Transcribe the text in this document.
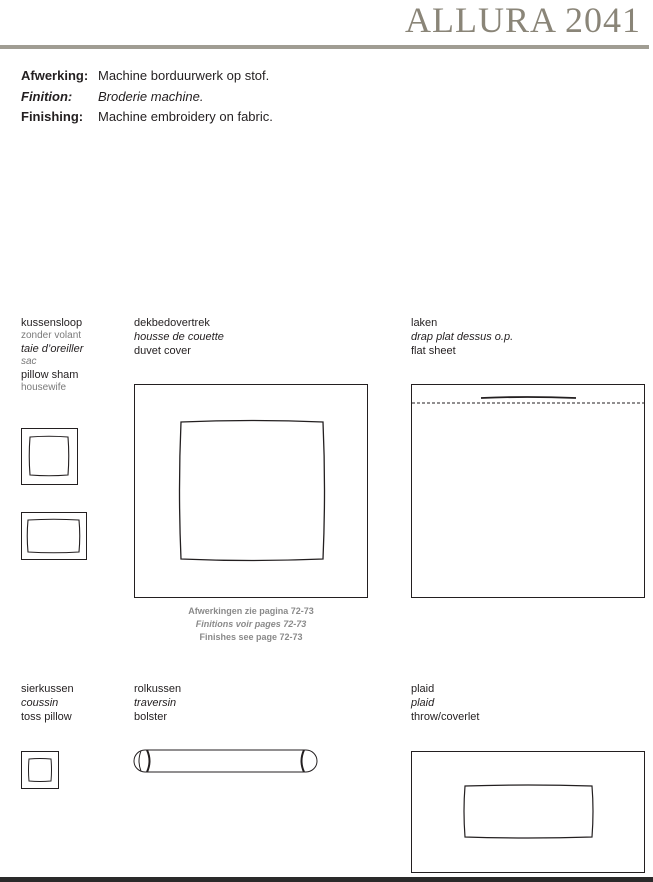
ALLURA 2041
Afwerking: Machine borduurwerk op stof.
Finition: Broderie machine.
Finishing: Machine embroidery on fabric.
kussensloop
zonder volant
taie d’oreiller
sac
pillow sham
housewife
dekbedovertrek
housse de couette
duvet cover
Afwerkingen zie pagina 72-73
Finitions voir pages 72-73
Finishes see page 72-73
laken
drap plat dessus o.p.
flat sheet
sierkussen
coussin
toss pillow
rolkussen
traversin
bolster
plaid
plaid
throw/coverlet
